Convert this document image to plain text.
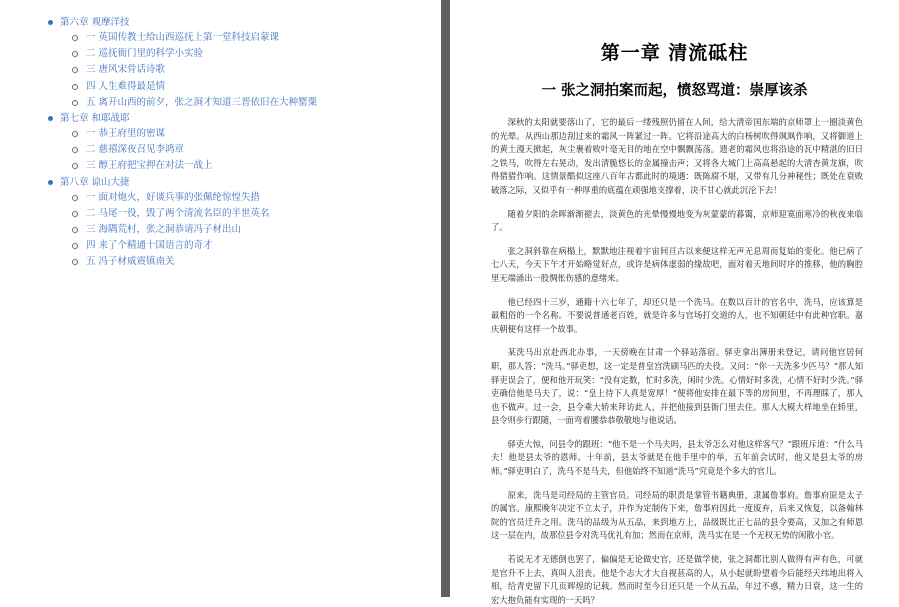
第六章 观摩洋技
一 英国传教士给山西巡抚上第一堂科技启蒙课
二 巡抚衙门里的科学小实验
三 唐风宋骨话诗歌
四 人生难得最是情
五 离开山西的前夕，张之洞才知道三晋依旧在大种罂粟
第七章 和耶战耶
一 恭王府里的密谋
二 慈禧深夜召见李鸿章
三 醇王府把宝押在对法一战上
第八章 谅山大捷
一 面对炮火，好谈兵事的张佩纶惊惶失措
二 马尾一役，毁了两个清流名臣的半世英名
三 海隅荒村，张之洞恭请冯子材出山
四 来了个精通十国语言的奇才
五 冯子材威震镇南关
第一章 清流砥柱
一 张之洞拍案而起，愤怒骂道：崇厚该杀

深秋的太阳就要落山了，它的最后一缕残照仍留在人间，给大清帝国东端的京师罩上一圈淡黄色的光晕。从西山那边刮过来的霜风一阵紧过一阵。它将沿途高大的白杨树吹得飒飒作响，又将御道上的黄土漫天掀起，灰尘裹着败叶毫无目的地在空中飘飘荡荡。遗老的霜风也将沿途的瓦中精湛的旧日之铁马，吹得左右晃动，发出清脆悠长的金属撞击声；又将各大城门上高高悬起的大清杏黄龙旗，吹得猎猎作响。这情景酷似这座八百年古都此时的境遇：既陈腐不堪，又带有几分神秘性；既处在衰败破落之际，又似乎有一种厚重的底蕴在顽强地支撑着，决不甘心就此沉沦下去！

随着夕阳的余晖渐渐褪去，淡黄色的光晕慢慢地变为灰蒙蒙的暮霭，京师迎寞面寒冷的秋夜来临了。

张之洞斜靠在病榻上，默默地注视着宇宙间亘古以来便这样无声无息周而复始的变化。他已病了七八天，今天下午才开始略觉好点，或许是病体虚弱的缘故吧，面对着天地间时序的推移，他的胸腔里无端涌出一股惆怅伤感的意绪来。

他已经四十三岁，通籍十六七年了，却还只是一个洗马。在数以百计的官名中，洗马，应该算是最粗俗的一个名称。不要说普通老百姓，就是许多与官场打交道的人，也不知朝廷中有此种官职。嘉庆朝便有这样一个故事。

某洗马出京赴西北办事，一天傍晚在甘肃一个驿站落宿。驿吏拿出簿册来登记，请问他官居何职，那人答：“洗马。”驿吏想，这一定是普皇宫洗刷马匹的夫役。又问：“你一天洗多少匹马？”那人知驿吏误会了，便和他开玩笑：“没有定数，忙时多洗，闲时少洗。心情好时多洗，心情不好时少洗。”驿吏确信他是马夫了，说：“皇上待下人真是宽厚！”便将他安排在最下等的房间里，不再理睬了，那人也不做声。过一会，县令乘大轿来拜访此人，并把他接到县衙门里去住。那人大模大样地坐在轿里，县令则步行跟随，一面弯着腰恭恭敬敬地与他说话。

驿吏大惊，问县令的跟班：“他不是一个马夫吗，县太爷怎么对他这样客气？”跟班斥道：“什么马夫！他是县太爷的恩师。十年前，县太爷就是在他手里中的举，五年前会试时，他又是县太爷的房师。”驿吏明白了，洗马不是马夫，但他始终不知道“洗马”究竟是个多大的官儿。

原来，洗马是司经局的主管官员。司经局的职责是掌管书籍典册，隶属詹事府。詹事府原是太子的属官。康熙晚年决定不立太子，并作为定制传下来，詹事府因此一度废弃，后来又恢复，以备翰林院的官员迁升之用。洗马的品级为从五品，来到地方上，品级既比正七品的县令要高，又加之有师恩这一层在内，故那位县令对洗马优礼有加；然而在京师，洗马实在是一个无权无势的闲散小官。

若说无才无德倒也罢了，偏偏是无论做史官，还是做学使，张之洞都比别人做得有声有色，可就是官升不上去，真叫人沮丧。他是个志大才大自视甚高的人，从小起就盼望着今后能经天纬地出将入相，给青史留下几页辉煌的记载。然而时至今日还只是一个从五品，年过不惑，精力日衰，这一生的宏大抱负能有实现的一天吗？
